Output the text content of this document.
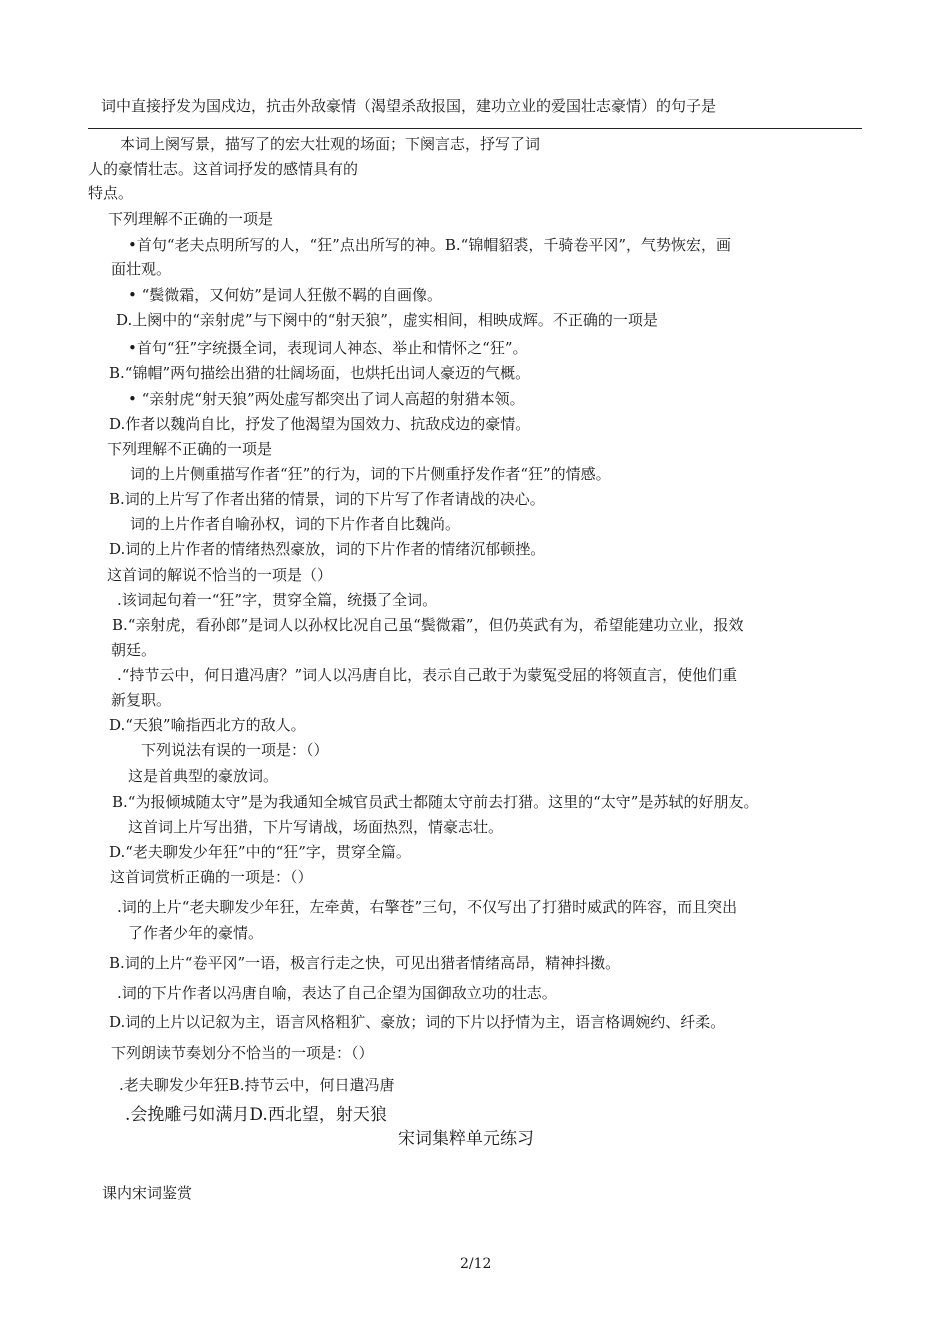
词中直接抒发为国戍边，抗击外敌豪情（渴望杀敌报国，建功立业的爱国壮志豪情）的句子是
本词上阕写景，描写了的宏大壮观的场面；下阕言志，抒写了词
人的豪情壮志。这首词抒发的感情具有的
特点。
下列理解不正确的一项是
•首句“老夫点明所写的人，“狂”点出所写的神。B.“锦帽貂裘，千骑卷平冈”，气势恢宏，画
面壮观。
• “鬓微霜，又何妨”是词人狂傲不羁的自画像。
D.上阕中的“亲射虎”与下阕中的“射天狼”，虚实相间，相映成辉。不正确的一项是
•首句“狂”字统摄全词，表现词人神态、举止和情怀之“狂”。
B.“锦帽”两句描绘出猎的壮阔场面，也烘托出词人豪迈的气概。
• “亲射虎“射天狼”两处虚写都突出了词人高超的射猎本领。
D.作者以魏尚自比，抒发了他渴望为国效力、抗敌戍边的豪情。
下列理解不正确的一项是
词的上片侧重描写作者“狂”的行为，词的下片侧重抒发作者“狂”的情感。
B.词的上片写了作者出猪的情景，词的下片写了作者请战的决心。
词的上片作者自喻孙权，词的下片作者自比魏尚。
D.词的上片作者的情绪热烈豪放，词的下片作者的情绪沉郁顿挫。
这首词的解说不恰当的一项是（）
.该词起句着一“狂”字，贯穿全篇，统摄了全词。
B.“亲射虎，看孙郎”是词人以孙权比况自己虽“鬓微霜”，但仍英武有为，希望能建功立业，报效
朝廷。
.“持节云中，何日遣冯唐？”词人以冯唐自比，表示自己敢于为蒙冤受屈的将领直言，使他们重
新复职。
D.“天狼”喻指西北方的敌人。
下列说法有误的一项是：（）
这是首典型的豪放词。
B.“为报倾城随太守”是为我通知全城官员武士都随太守前去打猎。这里的“太守”是苏轼的好朋友。
这首词上片写出猎，下片写请战，场面热烈，情豪志壮。
D.“老夫聊发少年狂”中的“狂”字，贯穿全篇。
这首词赏析正确的一项是：（）
.词的上片“老夫聊发少年狂，左牵黄，右擎苍”三句，不仅写出了打猎时威武的阵容，而且突出
了作者少年的豪情。
B.词的上片“卷平冈”一语，极言行走之快，可见出猎者情绪高昂，精神抖擞。
.词的下片作者以冯唐自喻，表达了自己企望为国御敌立功的壮志。
D.词的上片以记叙为主，语言风格粗犷、豪放；词的下片以抒情为主，语言格调婉约、纤柔。
下列朗读节奏划分不恰当的一项是：（）
.老夫聊发少年狂B.持节云中，何日遣冯唐
.会挽雕弓如满月D.西北望，射天狼
宋词集粹单元练习
课内宋词鉴赏
2/12
